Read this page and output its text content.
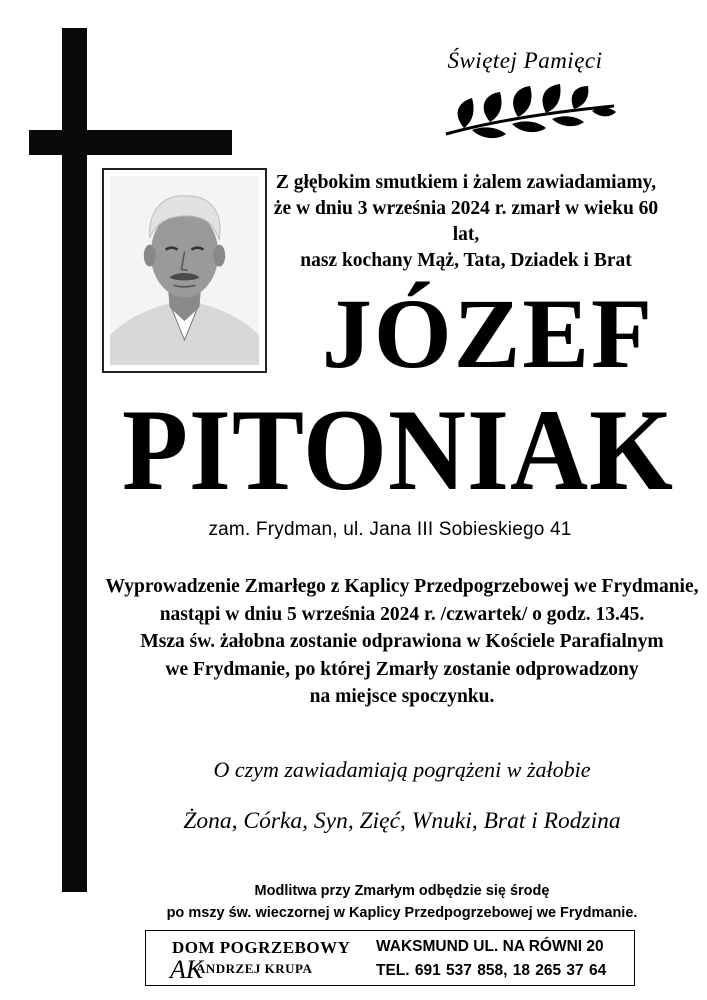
Świętej Pamięci
Z głębokim smutkiem i żalem zawiadamiamy,
że w dniu 3 września 2024 r. zmarł w wieku 60 lat,
nasz kochany Mąż, Tata, Dziadek i Brat
JÓZEF
PITONIAK
zam. Frydman, ul. Jana III Sobieskiego 41
Wyprowadzenie Zmarłego z Kaplicy Przedpogrzebowej we Frydmanie,
nastąpi w dniu 5 września 2024 r. /czwartek/ o godz. 13.45.
Msza św. żałobna zostanie odprawiona w Kościele Parafialnym
we Frydmanie, po której Zmarły zostanie odprowadzony
na miejsce spoczynku.
O czym zawiadamiają pogrążeni w żałobie
Żona, Córka, Syn, Zięć, Wnuki, Brat i Rodzina
Modlitwa przy Zmarłym odbędzie się środę
po mszy św. wieczornej w Kaplicy Przedpogrzebowej we Frydmanie.
DOM POGRZEBOWY
AK
ANDRZEJ KRUPA
WAKSMUND UL. NA RÓWNI 20
TEL. 691 537 858, 18 265 37 64
